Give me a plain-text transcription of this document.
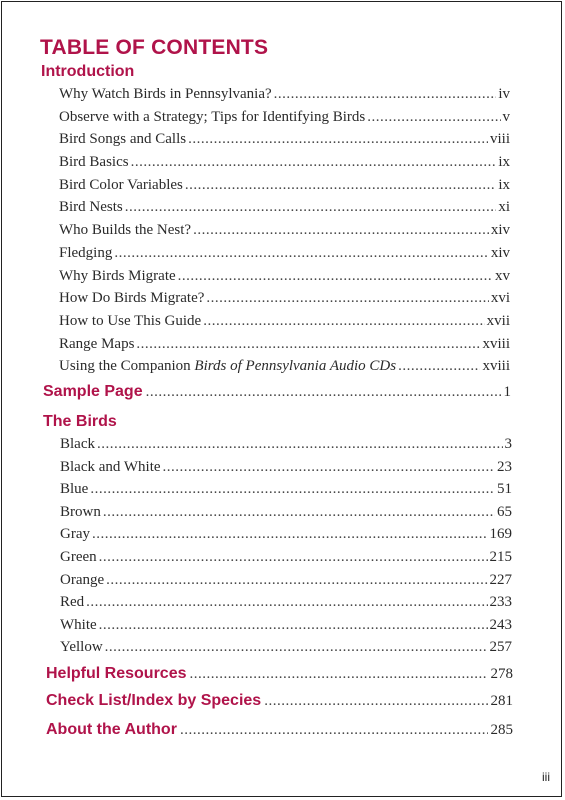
TABLE OF CONTENTS
Introduction
Why Watch Birds in Pennsylvania? .....	iv
Observe with a Strategy; Tips for Identifying Birds .....	v
Bird Songs and Calls .....	viii
Bird Basics .....	ix
Bird Color Variables .....	ix
Bird Nests .....	xi
Who Builds the Nest? .....	xiv
Fledging .....	xiv
Why Birds Migrate .....	xv
How Do Birds Migrate? .....	xvi
How to Use This Guide .....	xvii
Range Maps .....	xviii
Using the Companion Birds of Pennsylvania Audio CDs .....	xviii
Sample Page .....	1
The Birds
Black .....	3
Black and White .....	23
Blue .....	51
Brown .....	65
Gray .....	169
Green .....	215
Orange .....	227
Red .....	233
White .....	243
Yellow .....	257
Helpful Resources .....	278
Check List/Index by Species .....	281
About the Author .....	285
iii
